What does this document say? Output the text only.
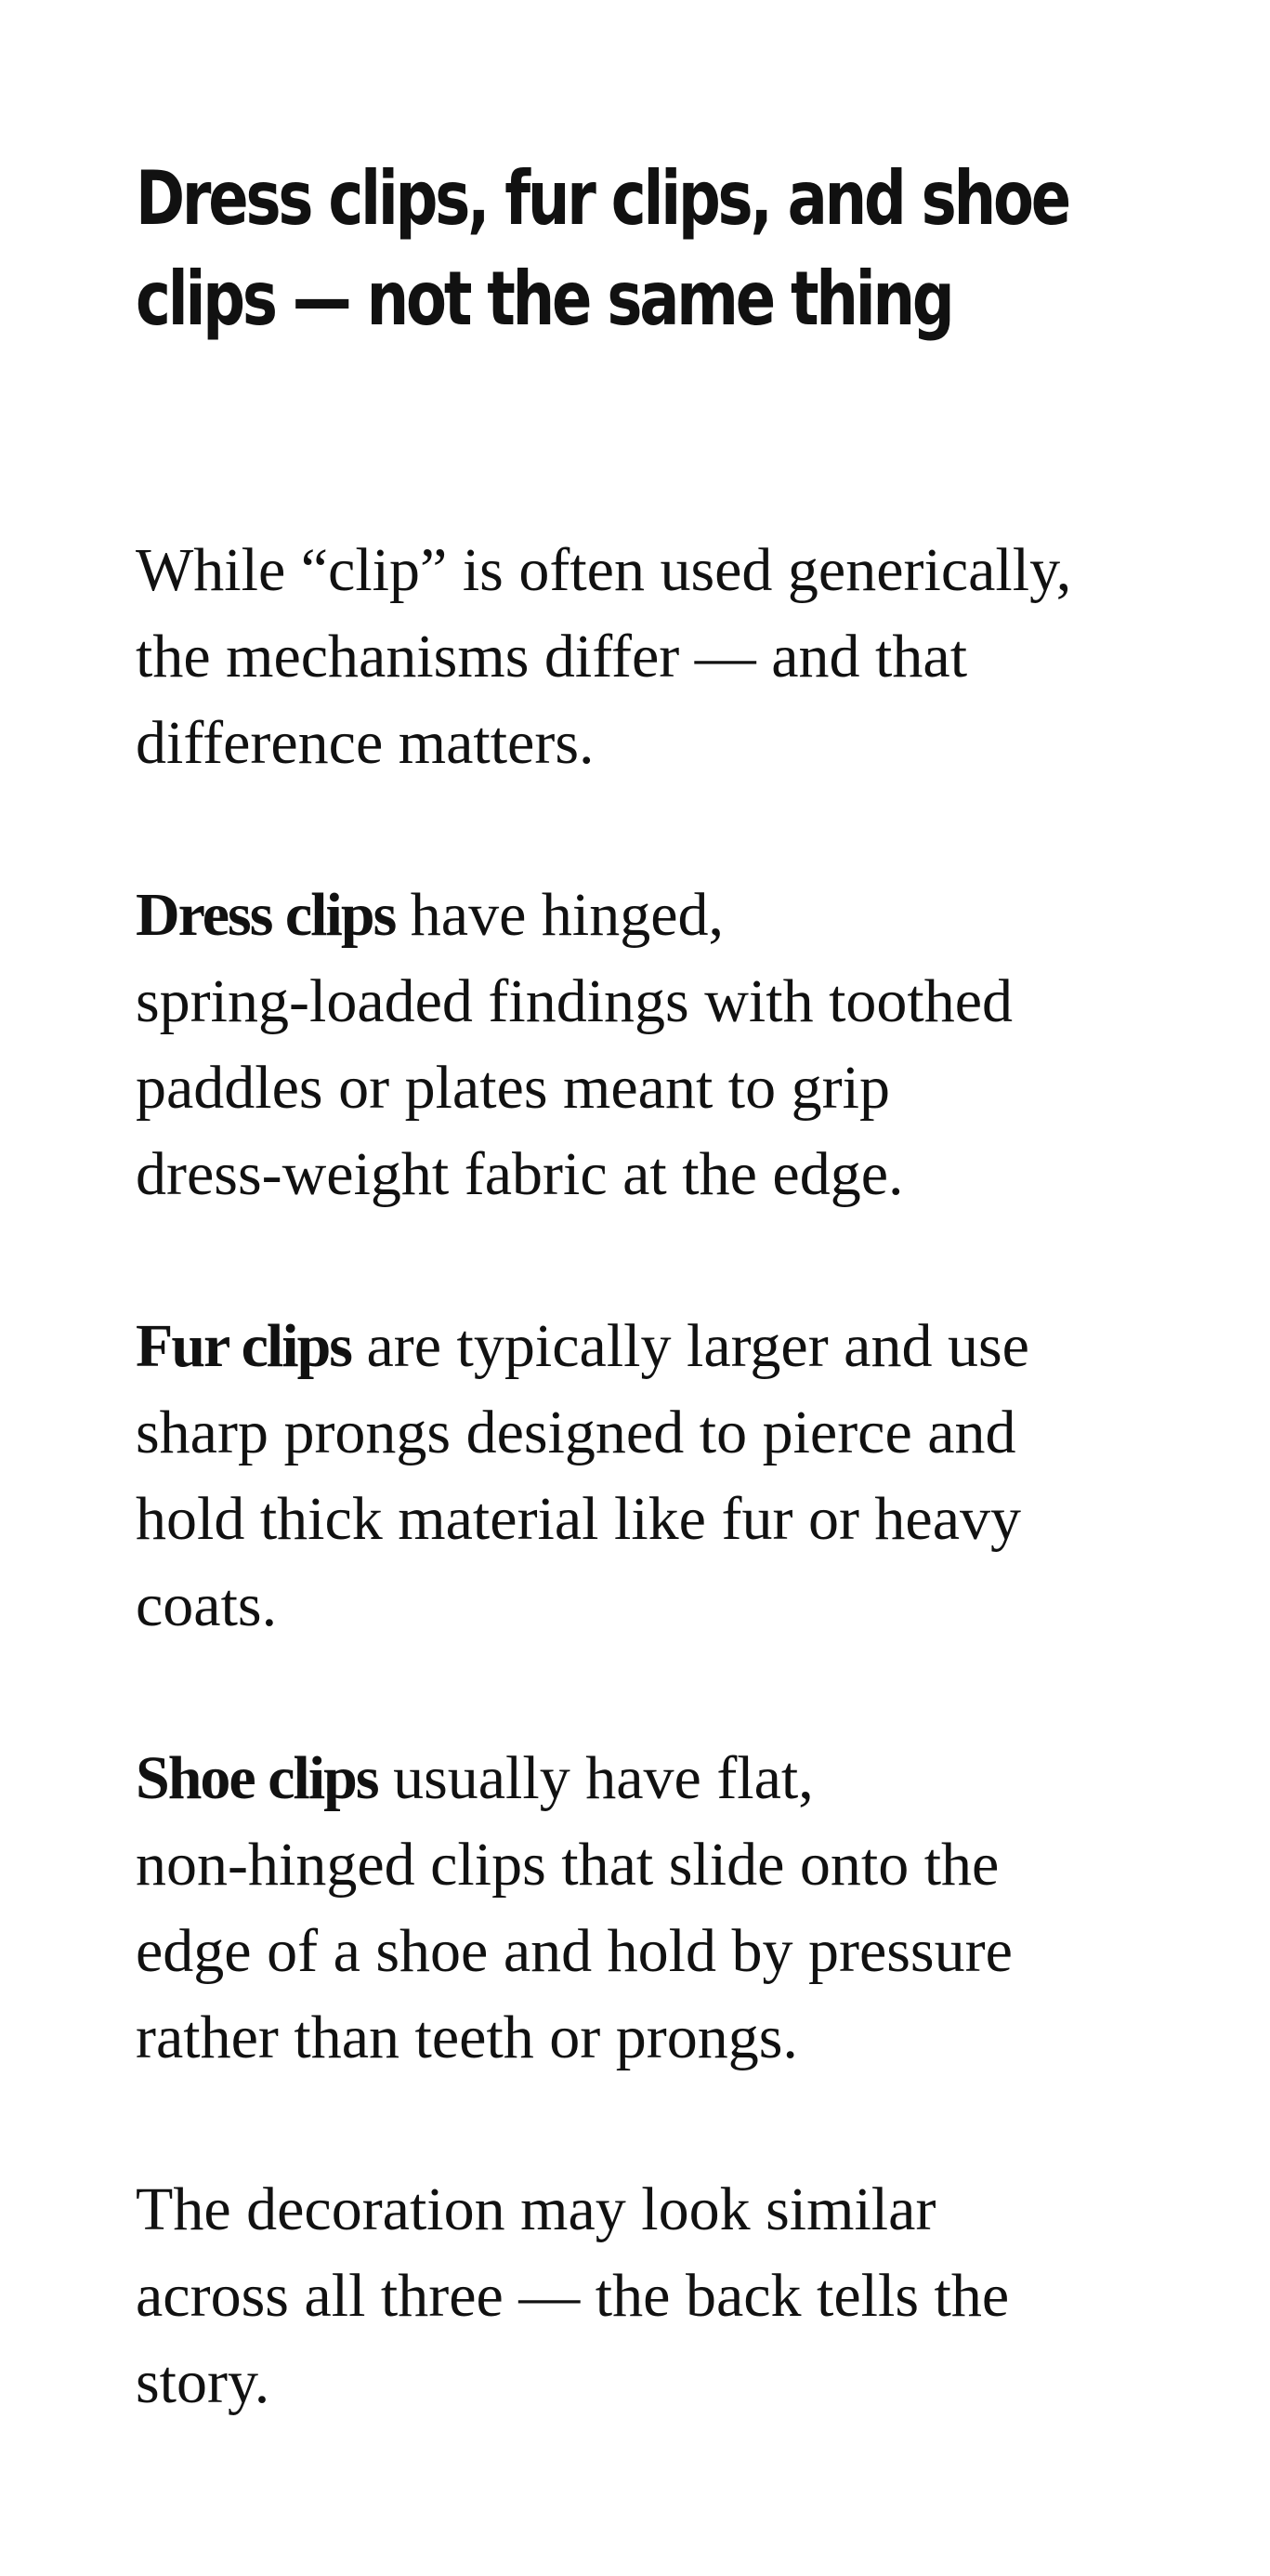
Dress clips, fur clips, and shoe
clips — not the same thing

While “clip” is often used generically,
the mechanisms differ — and that
difference matters.

Dress clips have hinged,
spring-loaded findings with toothed
paddles or plates meant to grip
dress-weight fabric at the edge.

Fur clips are typically larger and use
sharp prongs designed to pierce and
hold thick material like fur or heavy
coats.

Shoe clips usually have flat,
non-hinged clips that slide onto the
edge of a shoe and hold by pressure
rather than teeth or prongs.

The decoration may look similar
across all three — the back tells the
story.
